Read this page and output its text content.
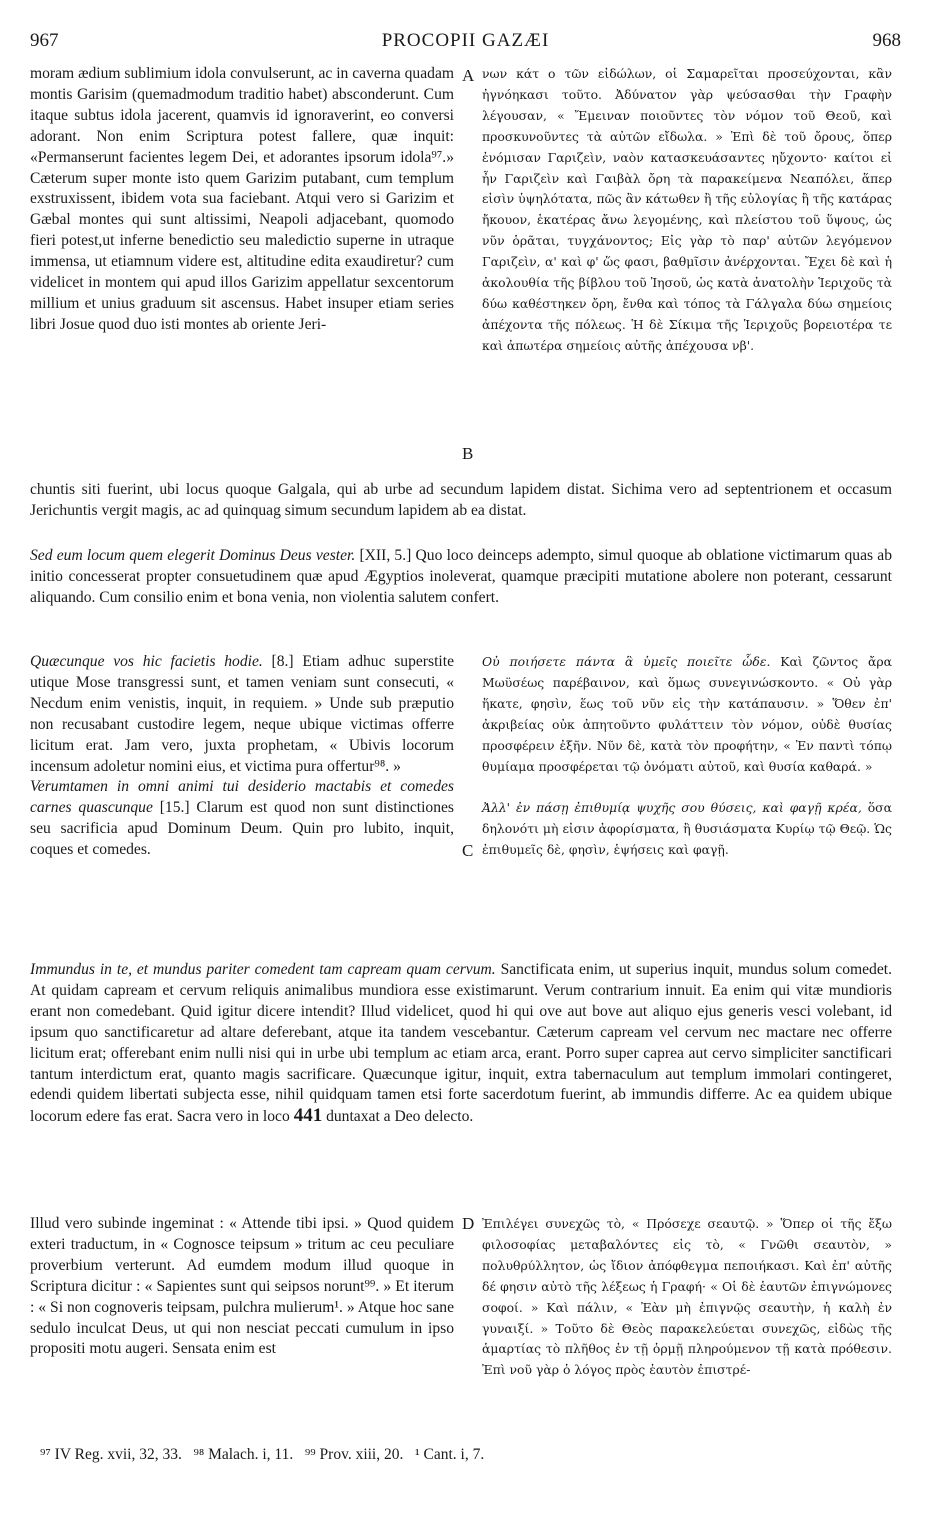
967	PROCOPII GAZÆI	968

moram ædium sublimium idola convulserunt, ac in caverna quadam montis Garisim (quemadmodum traditio habet) absconderunt. Cum itaque subtus idola jacerent, quamvis id ignoraverint, eo conversi adorant. Non enim Scriptura potest fallere, quæ inquit: «Permanserunt facientes legem Dei, et adorantes ipsorum idola⁹⁷.» Cæterum super monte isto quem Garizim putabant, cum templum exstruxissent, ibidem vota sua faciebant. Atqui vero si Garizim et Gæbal montes qui sunt altissimi, Neapoli adjacebant, quomodo fieri potest,ut inferne benedictio seu maledictio superne in utraque immensa, ut etiamnum videre est, altitudine edita exaudiretur? cum videlicet in montem qui apud illos Garizim appellatur sexcentorum millium et unius graduum sit ascensus. Habet insuper etiam series libri Josue quod duo isti montes ab oriente Jeri-

A νων κάτ ο τῶν εἰδώλων, οἱ Σαμαρεῖται προσεύχονται, κἂν ἠγνόηκασι τοῦτο. Ἀδύνατον γὰρ ψεύσασθαι τὴν Γραφὴν λέγουσαν, « Ἔμειναν ποιοῦντες τὸν νόμον τοῦ Θεοῦ, καὶ προσκυνοῦντες τὰ αὐτῶν εἴδωλα. » Ἐπὶ δὲ τοῦ ὄρους, ὅπερ ἐνόμισαν Γαριζεὶν, ναὸν κατασκευάσαντες ηὔχοντο· καίτοι εἰ ἦν Γαριζεὶν καὶ Γαιβὰλ ὄρη τὰ παρακείμενα Νεαπόλει, ἅπερ εἰσὶν ὑψηλότατα, πῶς ἂν κάτωθεν ἢ τῆς εὐλογίας ἢ τῆς κατάρας ἤκουον, ἑκατέρας ἄνω λεγομένης, καὶ πλείστου τοῦ ὕψους, ὡς νῦν ὁρᾶται, τυγχάνοντος; Εἰς γὰρ τὸ παρ' αὐτῶν λεγόμενον Γαριζεὶν, α' καὶ φ' ὥς φασι, βαθμῖσιν ἀνέρχονται. Ἔχει δὲ καὶ ἡ ἀκολουθία τῆς βίβλου τοῦ Ἰησοῦ, ὡς κατὰ ἀνατολὴν Ἱεριχοῦς τὰ δύω καθέστηκεν ὄρη, ἔνθα καὶ τόπος τὰ Γάλγαλα δύω σημείοις ἀπέχοντα τῆς πόλεως. Ἡ δὲ Σίκιμα τῆς Ἱεριχοῦς βορειοτέρα τε καὶ ἀπωτέρα σημείοις αὐτῆς ἀπέχουσα νβ'.

B

chuntis siti fuerint, ubi locus quoque Galgala, qui ab urbe ad secundum lapidem distat. Sichima vero ad septentrionem et occasum Jerichuntis vergit magis, ac ad quinquag simum secundum lapidem ab ea distat.

Sed eum locum quem elegerit Dominus Deus vester. [XII, 5.] Quo loco deinceps adempto, simul quoque ab oblatione victimarum quas ab initio concesserat propter consuetudinem quæ apud Ægyptios inoleverat, quamque præcipiti mutatione abolere non poterant, cessarunt aliquando. Cum consilio enim et bona venia, non violentia salutem confert.

Quæcunque vos hic facietis hodie. [8.] Etiam adhuc superstite utique Mose transgressi sunt, et tamen veniam sunt consecuti, « Necdum enim venistis, inquit, in requiem. » Unde sub præputio non recusabant custodire legem, neque ubique victimas offerre licitum erat. Jam vero, juxta prophetam, « Ubivis locorum incensum adoletur nomini eius, et victima pura offertur⁹⁸. »

Verumtamen in omni animi tui desiderio mactabis et comedes carnes quascunque [15.] Clarum est quod non sunt distinctiones seu sacrificia apud Dominum Deum. Quin pro lubito, inquit, coques et comedes.

Οὐ ποιήσετε πάντα ἃ ὑμεῖς ποιεῖτε ὧδε. Καὶ ζῶντος ἄρα Μωϋσέως παρέβαινον, καὶ ὅμως συνεγινώσκοντο. « Οὐ γὰρ ἥκατε, φησὶν, ἕως τοῦ νῦν εἰς τὴν κατάπαυσιν. » Ὅθεν ἐπ' ἀκριβείας οὐκ ἀπητοῦντο φυλάττειν τὸν νόμον, οὐδὲ θυσίας προσφέρειν ἐξῆν. Νῦν δὲ, κατὰ τὸν προφήτην, « Ἐν παντὶ τόπῳ θυμίαμα προσφέρεται τῷ ὀνόματι αὐτοῦ, καὶ θυσία καθαρά. »

Ἀλλ' ἐν πάσῃ ἐπιθυμίᾳ ψυχῆς σου θύσεις, καὶ φαγῇ κρέα, ὅσα δηλονότι μὴ εἰσιν ἀφορίσματα, ἢ θυσιάσματα Κυρίῳ τῷ Θεῷ. Ὡς ἐπιθυμεῖς δὲ, φησὶν, ἑψήσεις καὶ φαγῇ.

C

Immundus in te, et mundus pariter comedent tam capream quam cervum. Sanctificata enim, ut superius inquit, mundus solum comedet. At quidam capream et cervum reliquis animalibus mundiora esse existimarunt. Verum contrarium innuit. Ea enim qui vitæ mundioris erant non comedebant. Quid igitur dicere intendit? Illud videlicet, quod hi qui ove aut bove aut aliquo ejus generis vesci volebant, id ipsum quo sanctificaretur ad altare deferebant, atque ita tandem vescebantur. Cæterum capream vel cervum nec mactare nec offerre licitum erat; offerebant enim nulli nisi qui in urbe ubi templum ac etiam arca, erant. Porro super caprea aut cervo simpliciter sanctificari tantum interdictum erat, quanto magis sacrificare. Quæcunque igitur, inquit, extra tabernaculum aut templum immolari contingeret, edendi quidem libertati subjecta esse, nihil quidquam tamen etsi forte sacerdotum fuerint, ab immundis differre. Ac ea quidem ubique locorum edere fas erat. Sacra vero in loco 441 duntaxat a Deo delecto.

Illud vero subinde ingeminat : « Attende tibi ipsi. » Quod quidem exteri traductum, in « Cognosce teipsum » tritum ac ceu peculiare proverbium verterunt. Ad eumdem modum illud quoque in Scriptura dicitur : « Sapientes sunt qui seipsos norunt⁹⁹. » Et iterum : « Si non cognoveris teipsam, pulchra mulierum¹. » Atque hoc sane sedulo inculcat Deus, ut qui non nesciat peccati cumulum in ipso propositi motu augeri. Sensata enim est

D Ἐπιλέγει συνεχῶς τὸ, « Πρόσεχε σεαυτῷ. » Ὅπερ οἱ τῆς ἔξω φιλοσοφίας μεταβαλόντες εἰς τὸ, « Γνῶθι σεαυτὸν, » πολυθρύλλητον, ὡς ἴδιον ἀπόφθεγμα πεποιήκασι. Καὶ ἐπ' αὐτῆς δέ φησιν αὐτὸ τῆς λέξεως ἡ Γραφή· « Οἱ δὲ ἑαυτῶν ἐπιγνώμονες σοφοί. » Καὶ πάλιν, « Ἐὰν μὴ ἐπιγνῷς σεαυτὴν, ἡ καλὴ ἐν γυναιξί. » Τοῦτο δὲ Θεὸς παρακελεύεται συνεχῶς, εἰδὼς τῆς ἁμαρτίας τὸ πλῆθος ἐν τῇ ὁρμῇ πληρούμενον τῇ κατὰ πρόθεσιν. Ἐπὶ νοῦ γὰρ ὁ λόγος πρὸς ἑαυτὸν ἐπιστρέ-

⁹⁷ IV Reg. xvii, 32, 33.   ⁹⁸ Malach. i, 11.   ⁹⁹ Prov. xiii, 20.   ¹ Cant. i, 7.
